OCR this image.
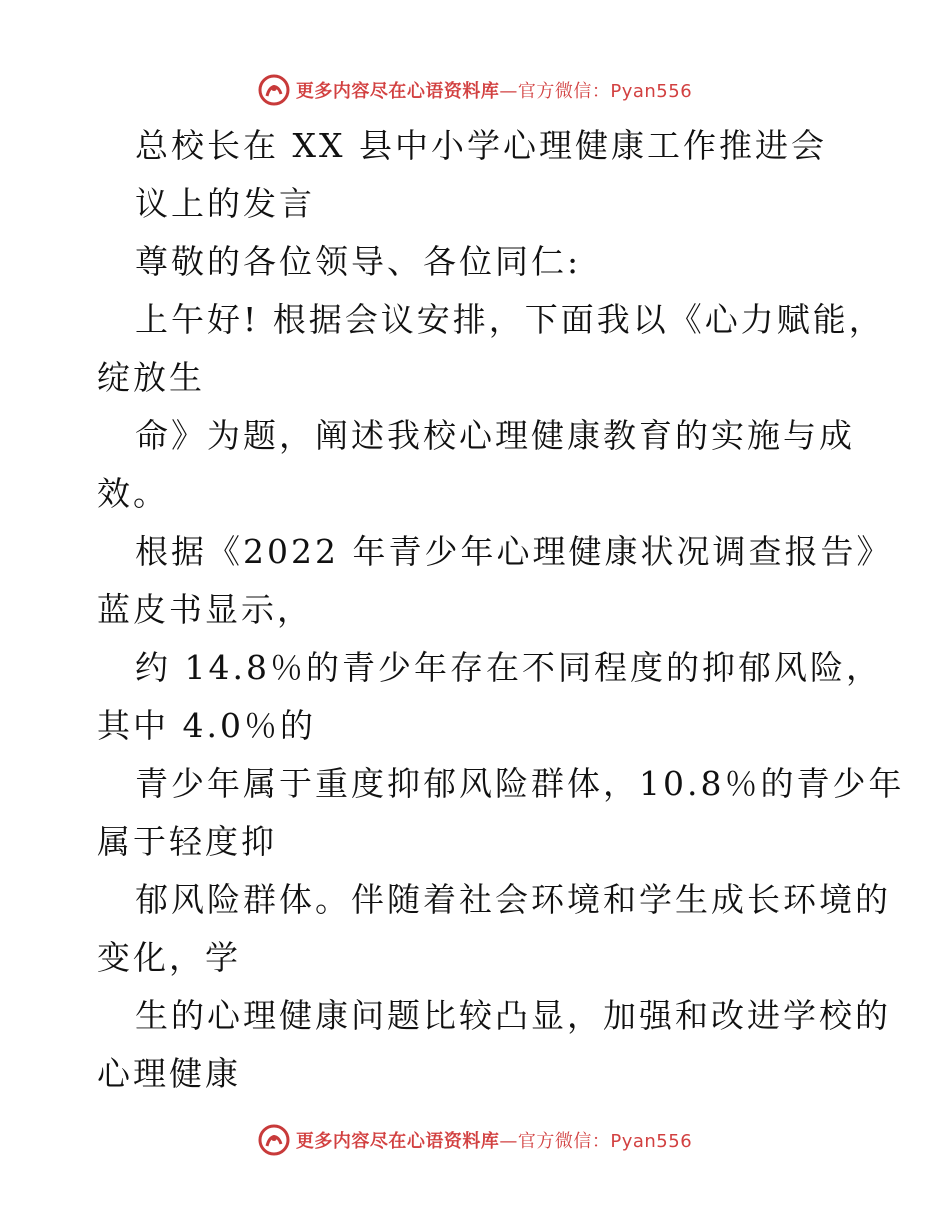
更多内容尽在心语资料库—官方微信：Pyan556
总校长在 XX 县中小学心理健康工作推进会
议上的发言
尊敬的各位领导、各位同仁:
上午好! 根据会议安排，下面我以《心力赋能，
绽放生
命》为题，阐述我校心理健康教育的实施与成
效。
根据《2022 年青少年心理健康状况调查报告》
蓝皮书显示，
约 14.8％的青少年存在不同程度的抑郁风险，
其中 4.0％的
青少年属于重度抑郁风险群体，10.8％的青少年
属于轻度抑
郁风险群体。伴随着社会环境和学生成长环境的
变化，学
生的心理健康问题比较凸显，加强和改进学校的
心理健康
更多内容尽在心语资料库—官方微信：Pyan556
